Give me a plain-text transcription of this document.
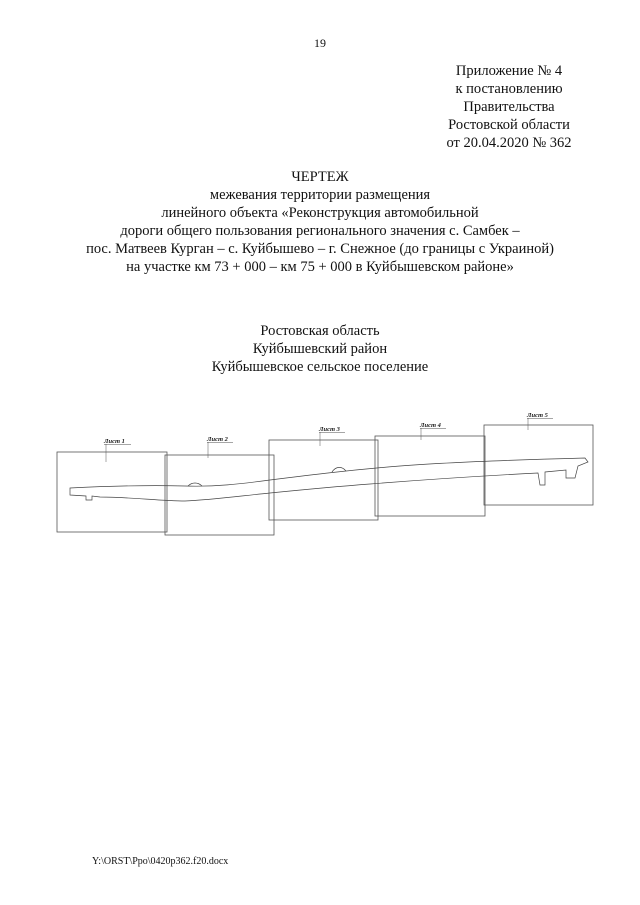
19
Приложение № 4
к постановлению
Правительства
Ростовской области
от 20.04.2020 № 362
ЧЕРТЕЖ
межевания территории размещения
линейного объекта «Реконструкция автомобильной
дороги общего пользования регионального значения с. Самбек –
пос. Матвеев Курган – с. Куйбышево – г. Снежное (до границы с Украиной)
на участке км 73 + 000 – км 75 + 000 в Куйбышевском районе»
Ростовская область
Куйбышевский район
Куйбышевское сельское поселение
Лист 1	Лист 2
Лист 3
Лист 4
Лист 5
Y:\ORST\Ppo\0420p362.f20.docx
